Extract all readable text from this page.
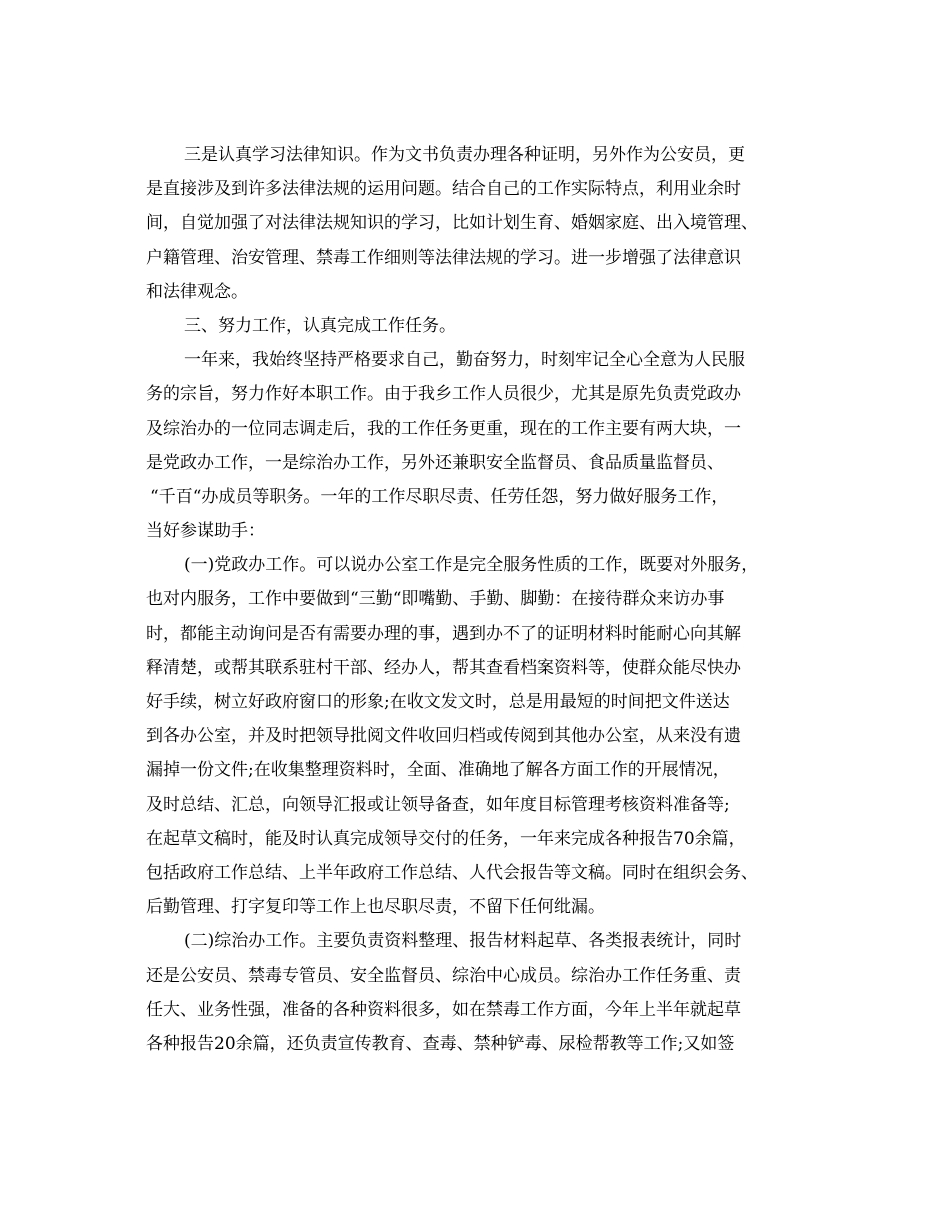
三是认真学习法律知识。作为文书负责办理各种证明，另外作为公安员，更
是直接涉及到许多法律法规的运用问题。结合自己的工作实际特点，利用业余时
间，自觉加强了对法律法规知识的学习，比如计划生育、婚姻家庭、出入境管理、
户籍管理、治安管理、禁毒工作细则等法律法规的学习。进一步增强了法律意识
和法律观念。
三、努力工作，认真完成工作任务。
一年来，我始终坚持严格要求自己，勤奋努力，时刻牢记全心全意为人民服
务的宗旨，努力作好本职工作。由于我乡工作人员很少，尤其是原先负责党政办
及综治办的一位同志调走后，我的工作任务更重，现在的工作主要有两大块，一
是党政办工作，一是综治办工作，另外还兼职安全监督员、食品质量监督员、
“千百“办成员等职务。一年的工作尽职尽责、任劳任怨，努力做好服务工作，
当好参谋助手：
(一)党政办工作。可以说办公室工作是完全服务性质的工作，既要对外服务，
也对内服务，工作中要做到“三勤“即嘴勤、手勤、脚勤：在接待群众来访办事
时，都能主动询问是否有需要办理的事，遇到办不了的证明材料时能耐心向其解
释清楚，或帮其联系驻村干部、经办人，帮其查看档案资料等，使群众能尽快办
好手续，树立好政府窗口的形象;在收文发文时，总是用最短的时间把文件送达
到各办公室，并及时把领导批阅文件收回归档或传阅到其他办公室，从来没有遗
漏掉一份文件;在收集整理资料时，全面、准确地了解各方面工作的开展情况，
及时总结、汇总，向领导汇报或让领导备查，如年度目标管理考核资料准备等;
在起草文稿时，能及时认真完成领导交付的任务，一年来完成各种报告70余篇，
包括政府工作总结、上半年政府工作总结、人代会报告等文稿。同时在组织会务、
后勤管理、打字复印等工作上也尽职尽责，不留下任何纰漏。
(二)综治办工作。主要负责资料整理、报告材料起草、各类报表统计，同时
还是公安员、禁毒专管员、安全监督员、综治中心成员。综治办工作任务重、责
任大、业务性强，准备的各种资料很多，如在禁毒工作方面，今年上半年就起草
各种报告20余篇，还负责宣传教育、查毒、禁种铲毒、尿检帮教等工作;又如签
